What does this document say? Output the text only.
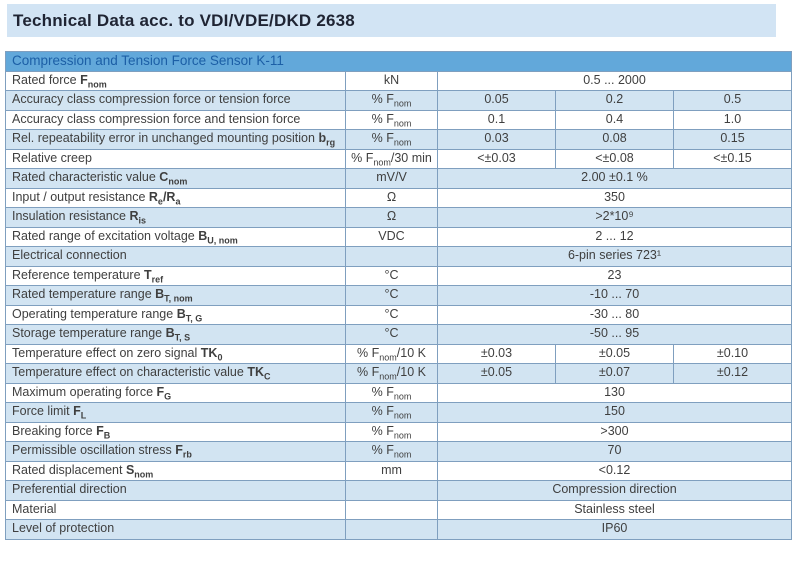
Technical Data acc. to VDI/VDE/DKD 2638
Compression and Tension Force Sensor K-11				
Rated force $F_{nom}$	kN	0.5 ... 2000		
Accuracy class compression force or tension force	% $F_{nom}$	0.05	0.2	0.5
Accuracy class compression force and tension force	% $F_{nom}$	0.1	0.4	1.0
Rel. repeatability error in unchanged mounting position $b_{rg}$	% $F_{nom}$	0.03	0.08	0.15
Relative creep	% $F_{nom}/30$ min	<±0.03	<±0.08	<±0.15
Rated characteristic value $C_{nom}$	mV/V	2.00 ±0.1 %		
Input / output resistance $R_e/R_a$	Ω	350		
Insulation resistance $R_{is}$	Ω	>2*10⁹		
Rated range of excitation voltage $B_{U, nom}$	VDC	2 ... 12		
Electrical connection		6-pin series 723¹		
Reference temperature $T_{ref}$	°C	23		
Rated temperature range $B_{T, nom}$	°C	-10 ... 70		
Operating temperature range $B_{T, G}$	°C	-30 ... 80		
Storage temperature range $B_{T, S}$	°C	-50 ... 95		
Temperature effect on zero signal $TK_0$	% $F_{nom}/10$ K	±0.03	±0.05	±0.10
Temperature effect on characteristic value $TK_C$	% $F_{nom}/10$ K	±0.05	±0.07	±0.12
Maximum operating force $F_G$	% $F_{nom}$	130		
Force limit $F_L$	% $F_{nom}$	150		
Breaking force $F_B$	% $F_{nom}$	>300		
Permissible oscillation stress $F_{rb}$	% $F_{nom}$	70		
Rated displacement $S_{nom}$	mm	<0.12		
Preferential direction		Compression direction		
Material		Stainless steel		
Level of protection		IP60		
